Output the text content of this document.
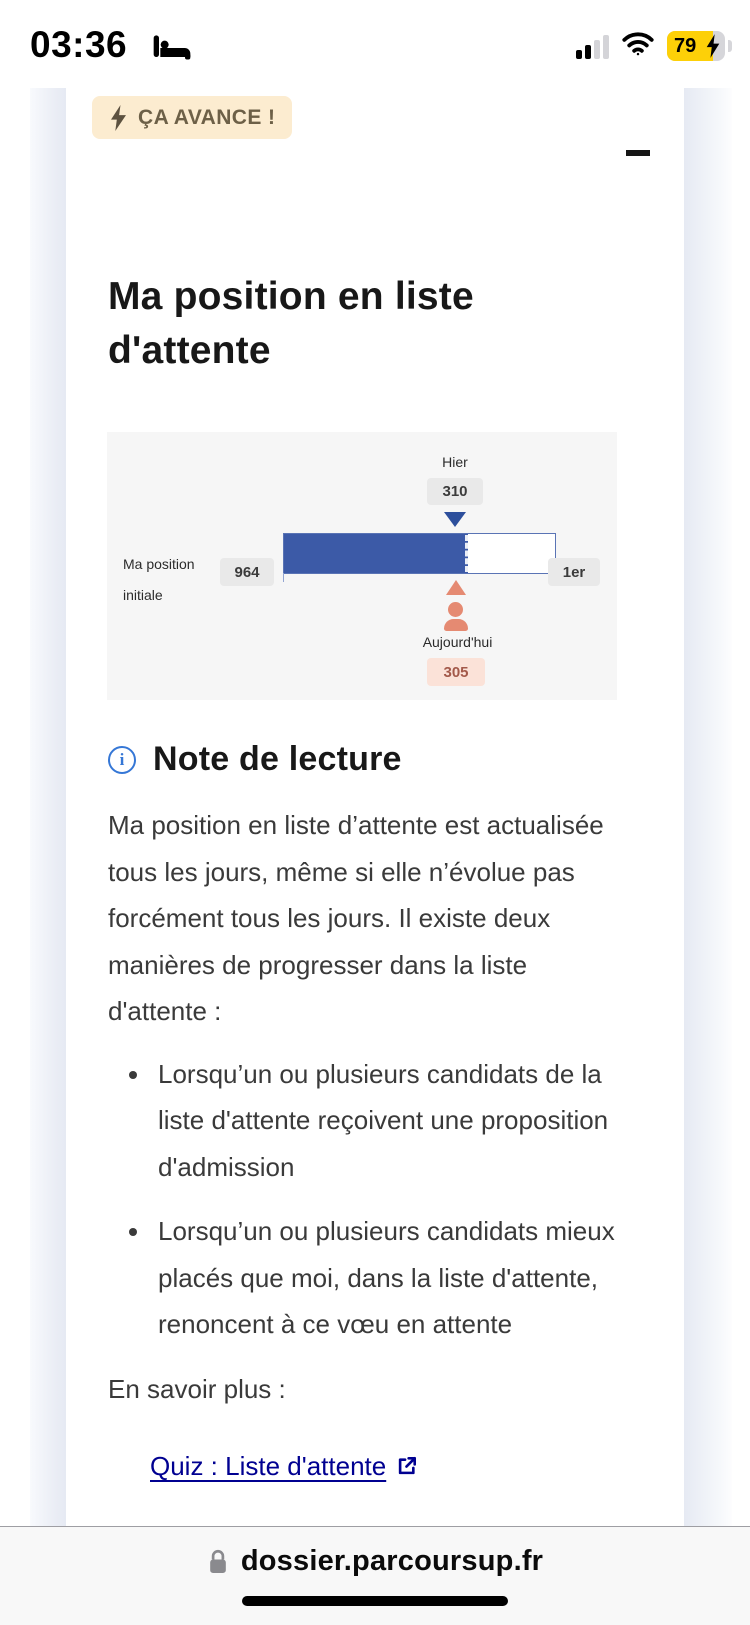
03:36	79
ÇA AVANCE !
Ma position en liste d'attente
Hier
310
Ma position
initiale
964	1er
Aujourd'hui
305
i Note de lecture

Ma position en liste d’attente est actualisée tous les jours, même si elle n’évolue pas forcément tous les jours. Il existe deux manières de progresser dans la liste d'attente :

• Lorsqu’un ou plusieurs candidats de la liste d'attente reçoivent une proposition d'admission
• Lorsqu’un ou plusieurs candidats mieux placés que moi, dans la liste d'attente, renoncent à ce vœu en attente
En savoir plus :
Quiz : Liste d'attente
dossier.parcoursup.fr
